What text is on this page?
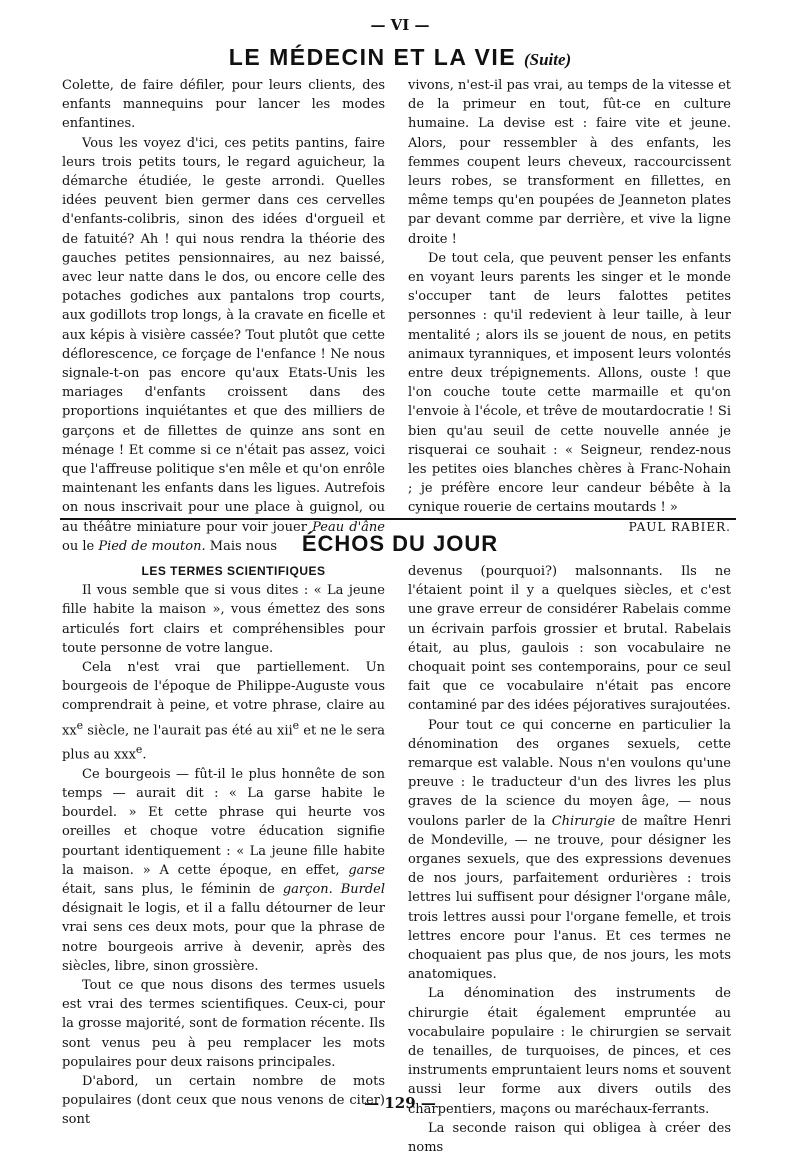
— VI —
LE MÉDECIN ET LA VIE (Suite)

Colette, de faire défiler, pour leurs clients, des enfants mannequins pour lancer les modes enfantines.

Vous les voyez d'ici, ces petits pantins, faire leurs trois petits tours, le regard aguicheur, la démarche étudiée, le geste arrondi. Quelles idées peuvent bien germer dans ces cervelles d'enfants-colibris, sinon des idées d'orgueil et de fatuité? Ah ! qui nous rendra la théorie des gauches petites pensionnaires, au nez baissé, avec leur natte dans le dos, ou encore celle des potaches godiches aux pantalons trop courts, aux godillots trop longs, à la cravate en ficelle et aux képis à visière cassée? Tout plutôt que cette déflorescence, ce forçage de l'enfance ! Ne nous signale-t-on pas encore qu'aux Etats-Unis les mariages d'enfants croissent dans des proportions inquiétantes et que des milliers de garçons et de fillettes de quinze ans sont en ménage ! Et comme si ce n'était pas assez, voici que l'affreuse politique s'en mêle et qu'on enrôle maintenant les enfants dans les ligues. Autrefois on nous inscrivait pour une place à guignol, ou au théâtre miniature pour voir jouer Peau d'âne ou le Pied de mouton. Mais nous

vivons, n'est-il pas vrai, au temps de la vitesse et de la primeur en tout, fût-ce en culture humaine. La devise est : faire vite et jeune. Alors, pour ressembler à des enfants, les femmes coupent leurs cheveux, raccourcissent leurs robes, se transforment en fillettes, en même temps qu'en poupées de Jeanneton plates par devant comme par derrière, et vive la ligne droite !

De tout cela, que peuvent penser les enfants en voyant leurs parents les singer et le monde s'occuper tant de leurs falottes petites personnes : qu'il redevient à leur taille, à leur mentalité ; alors ils se jouent de nous, en petits animaux tyranniques, et imposent leurs volontés entre deux trépignements. Allons, ouste ! que l'on couche toute cette marmaille et qu'on l'envoie à l'école, et trêve de moutardocratie ! Si bien qu'au seuil de cette nouvelle année je risquerai ce souhait : « Seigneur, rendez-nous les petites oies blanches chères à Franc-Nohain ; je préfère encore leur candeur bébête à la cynique rouerie de certains moutards ! »

PAUL RABIER.

ÉCHOS DU JOUR

LES TERMES SCIENTIFIQUES

Il vous semble que si vous dites : « La jeune fille habite la maison », vous émettez des sons articulés fort clairs et compréhensibles pour toute personne de votre langue.

Cela n'est vrai que partiellement. Un bourgeois de l'époque de Philippe-Auguste vous comprendrait à peine, et votre phrase, claire au $xx^e$ siècle, ne l'aurait pas été au xii$^e$ et ne le sera plus au xxx$^e$.

Ce bourgeois — fût-il le plus honnête de son temps — aurait dit : « La garse habite le bourdel. » Et cette phrase qui heurte vos oreilles et choque votre éducation signifie pourtant identiquement : « La jeune fille habite la maison. » A cette époque, en effet, garse était, sans plus, le féminin de garçon. Burdel désignait le logis, et il a fallu détourner de leur vrai sens ces deux mots, pour que la phrase de notre bourgeois arrive à devenir, après des siècles, libre, sinon grossière.

Tout ce que nous disons des termes usuels est vrai des termes scientifiques. Ceux-ci, pour la grosse majorité, sont de formation récente. Ils sont venus peu à peu remplacer les mots populaires pour deux raisons principales.

D'abord, un certain nombre de mots populaires (dont ceux que nous venons de citer) sont

devenus (pourquoi?) malsonnants. Ils ne l'étaient point il y a quelques siècles, et c'est une grave erreur de considérer Rabelais comme un écrivain parfois grossier et brutal. Rabelais était, au plus, gaulois : son vocabulaire ne choquait point ses contemporains, pour ce seul fait que ce vocabulaire n'était pas encore contaminé par des idées péjoratives surajoutées.

Pour tout ce qui concerne en particulier la dénomination des organes sexuels, cette remarque est valable. Nous n'en voulons qu'une preuve : le traducteur d'un des livres les plus graves de la science du moyen âge, — nous voulons parler de la Chirurgie de maître Henri de Mondeville, — ne trouve, pour désigner les organes sexuels, que des expressions devenues de nos jours, parfaitement ordurières : trois lettres lui suffisent pour désigner l'organe mâle, trois lettres aussi pour l'organe femelle, et trois lettres encore pour l'anus. Et ces termes ne choquaient pas plus que, de nos jours, les mots anatomiques.

La dénomination des instruments de chirurgie était également empruntée au vocabulaire populaire : le chirurgien se servait de tenailles, de turquoises, de pinces, et ces instruments empruntaient leurs noms et souvent aussi leur forme aux divers outils des charpentiers, maçons ou maréchaux-ferrants.

La seconde raison qui obligea à créer des noms

— 129 —
